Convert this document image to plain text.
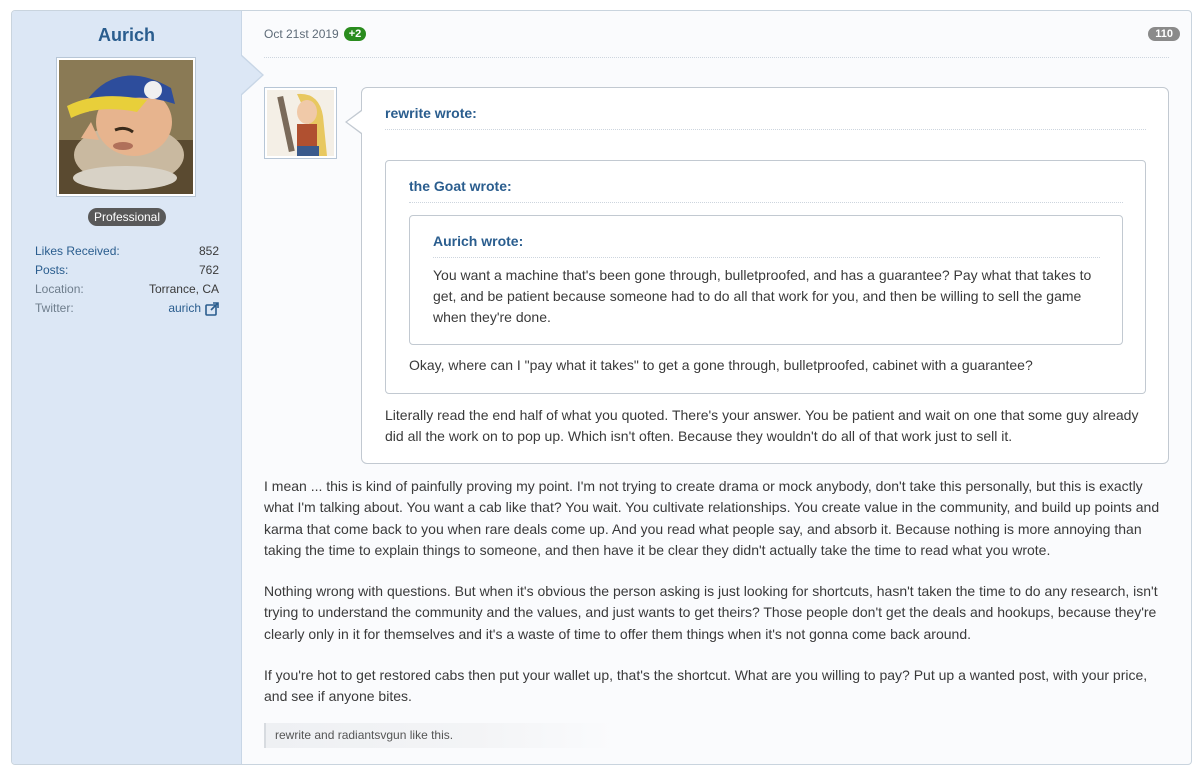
Aurich
Professional
Likes Received:	852
Posts:	762
Location:	Torrance, CA
Twitter:	aurich
Oct 21st 2019 +2	110
rewrite wrote:
the Goat wrote:
Aurich wrote:
You want a machine that's been gone through, bulletproofed, and has a guarantee? Pay what that takes to get, and be patient because someone had to do all that work for you, and then be willing to sell the game when they're done.
Okay, where can I "pay what it takes" to get a gone through, bulletproofed, cabinet with a guarantee?
Literally read the end half of what you quoted. There's your answer. You be patient and wait on one that some guy already did all the work on to pop up. Which isn't often. Because they wouldn't do all of that work just to sell it.
I mean ... this is kind of painfully proving my point. I'm not trying to create drama or mock anybody, don't take this personally, but this is exactly what I'm talking about. You want a cab like that? You wait. You cultivate relationships. You create value in the community, and build up points and karma that come back to you when rare deals come up. And you read what people say, and absorb it. Because nothing is more annoying than taking the time to explain things to someone, and then have it be clear they didn't actually take the time to read what you wrote.
Nothing wrong with questions. But when it's obvious the person asking is just looking for shortcuts, hasn't taken the time to do any research, isn't trying to understand the community and the values, and just wants to get theirs? Those people don't get the deals and hookups, because they're clearly only in it for themselves and it's a waste of time to offer them things when it's not gonna come back around.
If you're hot to get restored cabs then put your wallet up, that's the shortcut. What are you willing to pay? Put up a wanted post, with your price, and see if anyone bites.
rewrite and radiantsvgun like this.
